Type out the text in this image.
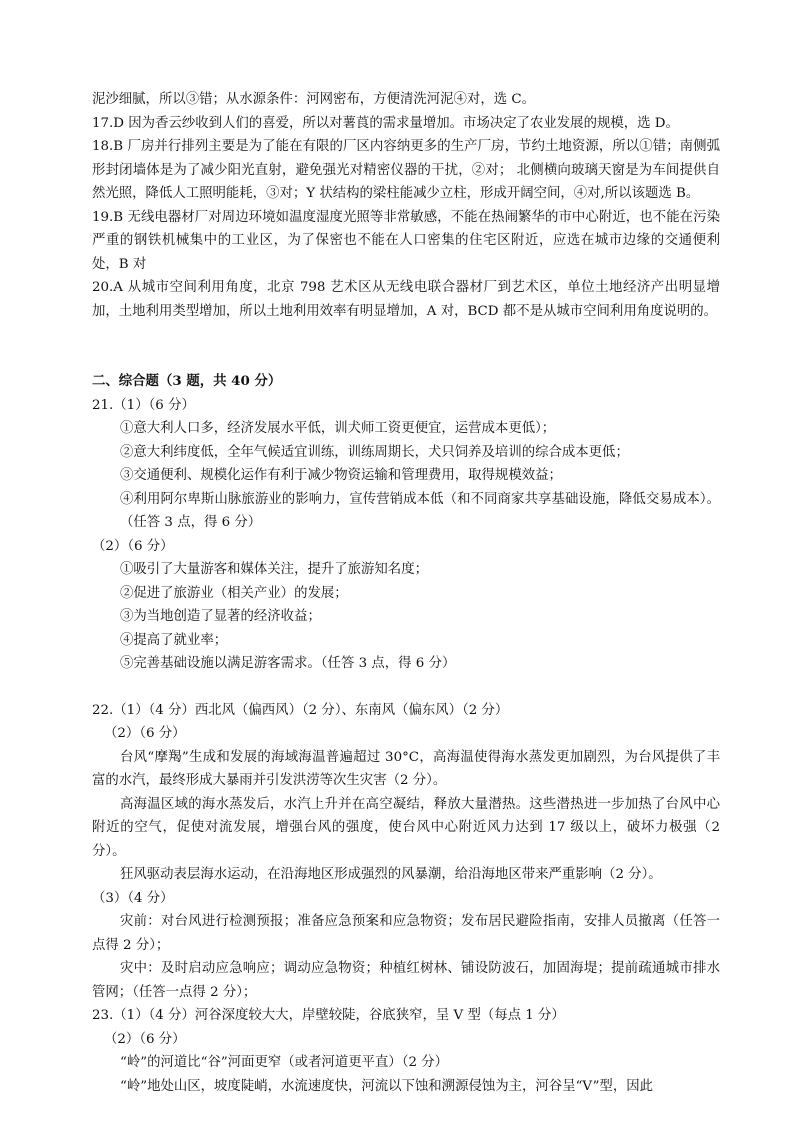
泥沙细腻，所以③错；从水源条件：河网密布，方便清洗河泥④对，选 C。
17.D 因为香云纱收到人们的喜爱，所以对薯莨的需求量增加。市场决定了农业发展的规模，选 D。
18.B 厂房并行排列主要是为了能在有限的厂区内容纳更多的生产厂房，节约土地资源，所以①错；南侧弧形封闭墙体是为了减少阳光直射，避免强光对精密仪器的干扰，②对； 北侧横向玻璃天窗是为车间提供自然光照，降低人工照明能耗，③对；Y 状结构的梁柱能减少立柱，形成开阔空间，④对,所以该题选 B。
19.B 无线电器材厂对周边环境如温度湿度光照等非常敏感，不能在热闹繁华的市中心附近，也不能在污染严重的钢铁机械集中的工业区，为了保密也不能在人口密集的住宅区附近，应选在城市边缘的交通便利处，B 对
20.A 从城市空间利用角度，北京 798 艺术区从无线电联合器材厂到艺术区，单位土地经济产出明显增加，土地利用类型增加，所以土地利用效率有明显增加，A 对，BCD 都不是从城市空间利用角度说明的。
二、综合题（3 题，共 40 分）
21.（1）（6 分）
①意大利人口多，经济发展水平低，训犬师工资更便宜，运营成本更低）；
②意大利纬度低，全年气候适宜训练，训练周期长，犬只饲养及培训的综合成本更低；
③交通便利、规模化运作有利于减少物资运输和管理费用，取得规模效益；
④利用阿尔卑斯山脉旅游业的影响力，宣传营销成本低（和不同商家共享基础设施，降低交易成本）。（任答 3 点，得 6 分）
（2）（6 分）
①吸引了大量游客和媒体关注，提升了旅游知名度；
②促进了旅游业（相关产业）的发展；
③为当地创造了显著的经济收益；
④提高了就业率；
⑤完善基础设施以满足游客需求。（任答 3 点，得 6 分）
22.（1）（4 分）西北风（偏西风）（2 分）、东南风（偏东风）（2 分）
（2）（6 分）
台风“摩羯”生成和发展的海域海温普遍超过 30°C，高海温使得海水蒸发更加剧烈，为台风提供了丰富的水汽，最终形成大暴雨并引发洪涝等次生灾害（2 分）。
高海温区域的海水蒸发后，水汽上升并在高空凝结，释放大量潜热。这些潜热进一步加热了台风中心附近的空气，促使对流发展，增强台风的强度，使台风中心附近风力达到 17 级以上，破坏力极强（2 分）。
狂风驱动表层海水运动，在沿海地区形成强烈的风暴潮，给沿海地区带来严重影响（2 分）。
（3）（4 分）
灾前：对台风进行检测预报；准备应急预案和应急物资；发布居民避险指南，安排人员撤离（任答一点得 2 分）；
灾中：及时启动应急响应；调动应急物资；种植红树林、铺设防波石，加固海堤；提前疏通城市排水管网；（任答一点得 2 分）；
23.（1）（4 分）河谷深度较大大，岸壁较陡，谷底狭窄，呈 V 型（每点 1 分）
（2）（6 分）
“岭”的河道比“谷”河面更窄（或者河道更平直）（2 分）
“岭”地处山区，坡度陡峭，水流速度快，河流以下蚀和溯源侵蚀为主，河谷呈“V”型，因此
